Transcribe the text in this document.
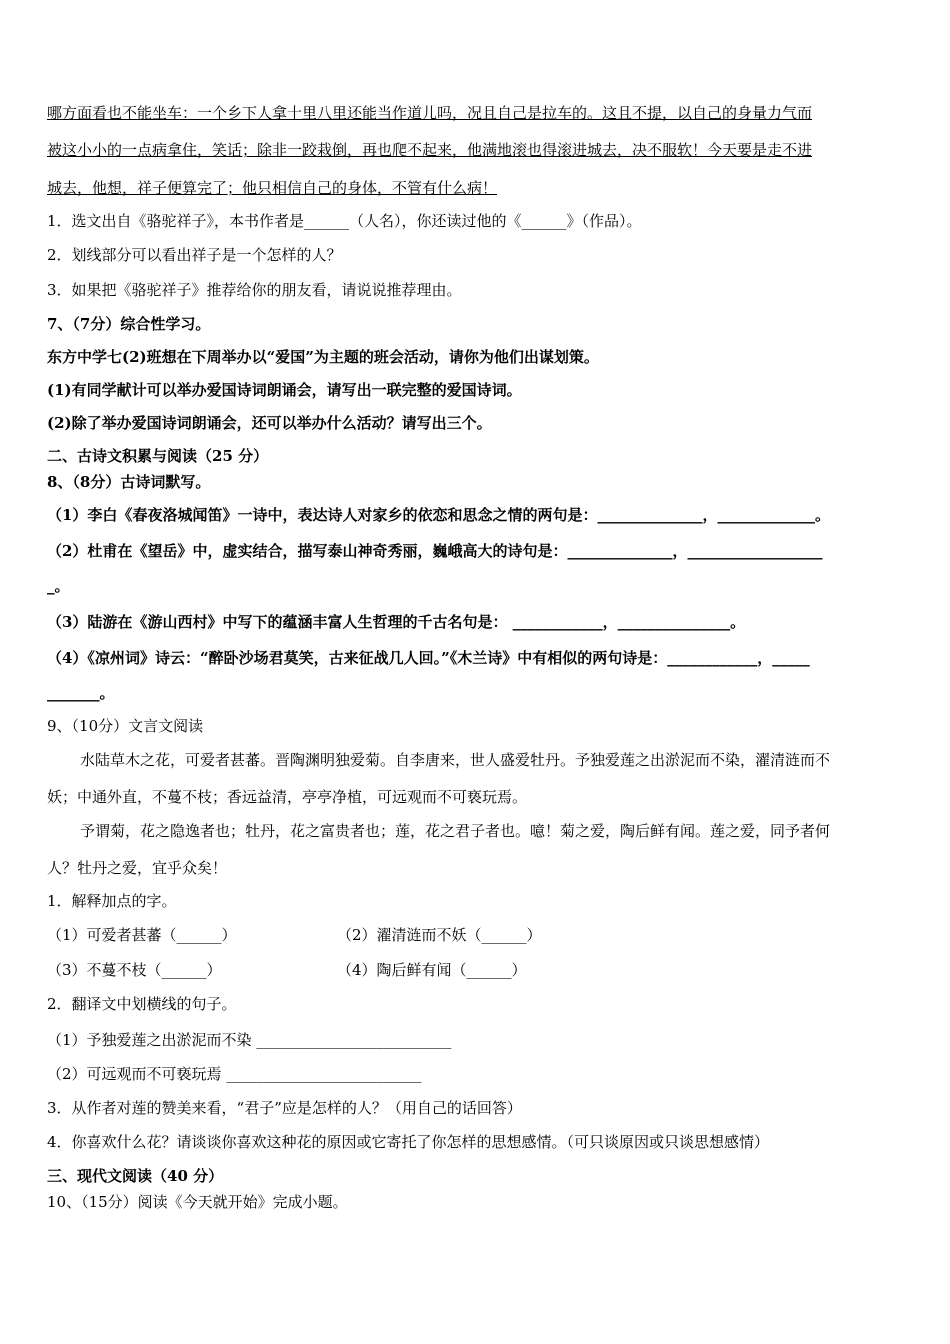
哪方面看也不能坐车：一个乡下人拿十里八里还能当作道儿吗，况且自己是拉车的。这且不提，以自己的身量力气而
被这小小的一点病拿住，笑话；除非一跤栽倒，再也爬不起来，他满地滚也得滚进城去，决不服软！今天要是走不进
城去，他想，祥子便算完了；他只相信自己的身体，不管有什么病！
1．选文出自《骆驼祥子》，本书作者是______（人名），你还读过他的《______》（作品）。
2．划线部分可以看出祥子是一个怎样的人？
3．如果把《骆驼祥子》推荐给你的朋友看，请说说推荐理由。
7、（7分）综合性学习。
东方中学七(2)班想在下周举办以“爱国”为主题的班会活动，请你为他们出谋划策。
(1)有同学献计可以举办爱国诗词朗诵会，请写出一联完整的爱国诗词。
(2)除了举办爱国诗词朗诵会，还可以举办什么活动？请写出三个。
二、古诗文积累与阅读（25 分）
8、（8分）古诗词默写。
（1）李白《春夜洛城闻笛》一诗中，表达诗人对家乡的依恋和思念之情的两句是：______________，_____________。
（2）杜甫在《望岳》中，虚实结合，描写泰山神奇秀丽，巍峨高大的诗句是：______________，__________________
_。
（3）陆游在《游山西村》中写下的蕴涵丰富人生哲理的千古名句是： ____________，_______________。
（4）《凉州词》诗云：“醉卧沙场君莫笑，古来征战几人回。”《木兰诗》中有相似的两句诗是：____________，_____
_______。
9、（10分）文言文阅读
水陆草木之花，可爱者甚蕃。晋陶渊明独爱菊。自李唐来，世人盛爱牡丹。予独爱莲之出淤泥而不染，濯清涟而不
妖；中通外直，不蔓不枝；香远益清，亭亭净植，可远观而不可亵玩焉。
予谓菊，花之隐逸者也；牡丹，花之富贵者也；莲，花之君子者也。噫！菊之爱，陶后鲜有闻。莲之爱，同予者何
人？牡丹之爱，宜乎众矣！
1．解释加点的字。
（1）可爱者甚蕃（______）	（2）濯清涟而不妖（______）
（3）不蔓不枝（______）	（4）陶后鲜有闻（______）
2．翻译文中划横线的句子。
（1）予独爱莲之出淤泥而不染 __________________________
（2）可远观而不可亵玩焉 __________________________
3．从作者对莲的赞美来看，“君子”应是怎样的人？（用自己的话回答）
4．你喜欢什么花？请谈谈你喜欢这种花的原因或它寄托了你怎样的思想感情。（可只谈原因或只谈思想感情）
三、现代文阅读（40 分）
10、（15分）阅读《今天就开始》完成小题。
